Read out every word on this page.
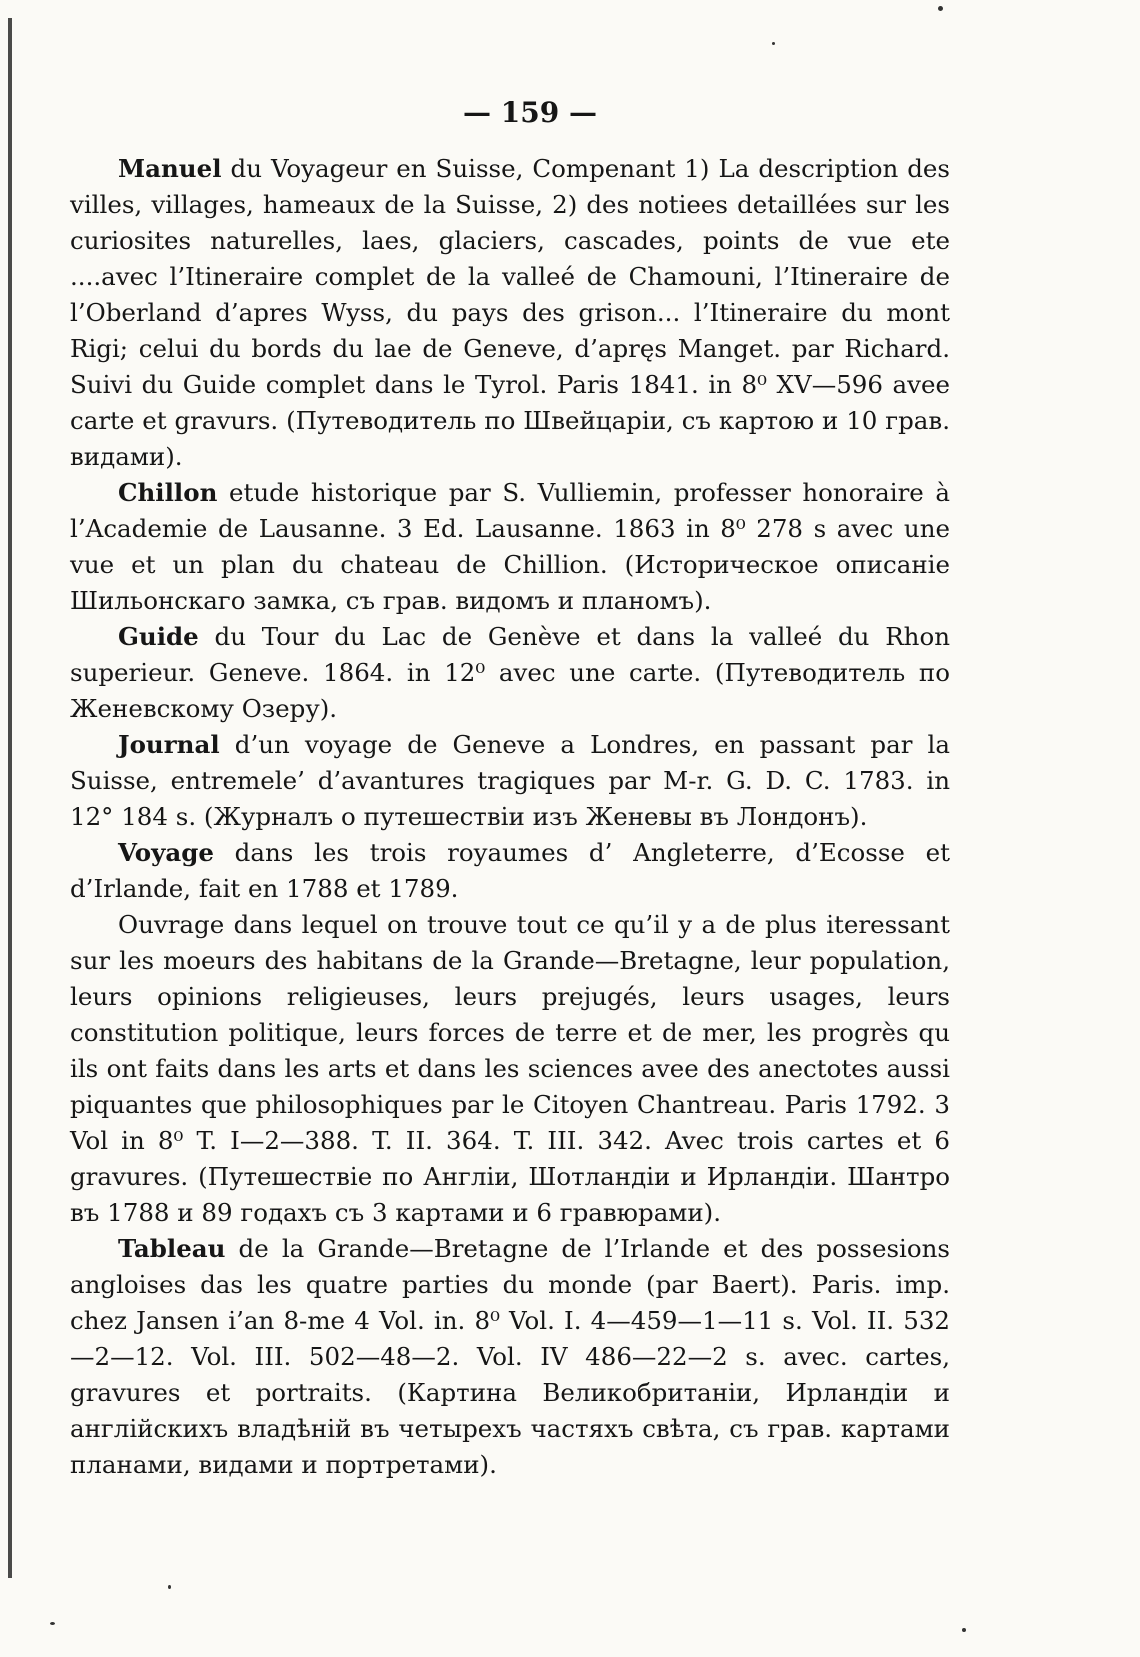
— 159 —

Manuel du Voyageur en Suisse, Compenant 1) La description des villes, villages, hameaux de la Suisse, 2) des notiees detaillées sur les curiosites naturelles, laes, glaciers, cascades, points de vue ete ....avec l’Itineraire complet de la valleé de Chamouni, l’Itineraire de l’Oberland d’apres Wyss, du pays des grison... l’Itineraire du mont Rigi; celui du bords du lae de Geneve, d’apręs Manget. par Richard. Suivi du Guide complet dans le Tyrol. Paris 1841. in 8⁰ XV—596 avee carte et gravurs. (Путеводитель по Швейцаріи, съ картою и 10 грав. видами).

Chillon etude historique par S. Vulliemin, professer honoraire à l’Academie de Lausanne. 3 Ed. Lausanne. 1863 in 8⁰ 278 s avec une vue et un plan du chateau de Chillion. (Историческое описаніе Шильонскаго замка, съ грав. видомъ и планомъ).

Guide du Tour du Lac de Genève et dans la valleé du Rhon superieur. Geneve. 1864. in 12⁰ avec une carte. (Путеводитель по Женевскому Озеру).

Journal d’un voyage de Geneve a Londres, en passant par la Suisse, entremele’ d’avantures tragiques par M-r. G. D. C. 1783. in 12° 184 s. (Журналъ о путешествіи изъ Женевы въ Лондонъ).

Voyage dans les trois royaumes d’ Angleterre, d’Ecosse et d’Irlande, fait en 1788 et 1789.

Ouvrage dans lequel on trouve tout ce qu’il y a de plus iteressant sur les moeurs des habitans de la Grande—Bretagne, leur population, leurs opinions religieuses, leurs prejugés, leurs usages, leurs constitution politique, leurs forces de terre et de mer, les progrès qu ils ont faits dans les arts et dans les sciences avee des anectotes aussi piquantes que philosophiques par le Citoyen Chantreau. Paris 1792. 3 Vol in 8⁰ T. I—2—388. T. II. 364. T. III. 342. Avec trois cartes et 6 gravures. (Путешествіе по Англіи, Шотландіи и Ирландіи. Шантро въ 1788 и 89 годахъ съ 3 картами и 6 гравюрами).

Tableau de la Grande—Bretagne de l’Irlande et des possesions angloises das les quatre parties du monde (par Baert). Paris. imp. chez Jansen i’an 8-me 4 Vol. in. 8⁰ Vol. I. 4—459—1—11 s. Vol. II. 532—2—12. Vol. III. 502—48—2. Vol. IV 486—22—2 s. avec. cartes, gravures et portraits. (Картина Великобританіи, Ирландіи и англійскихъ владѣній въ четырехъ частяхъ свѣта, съ грав. картами планами, видами и портретами).
